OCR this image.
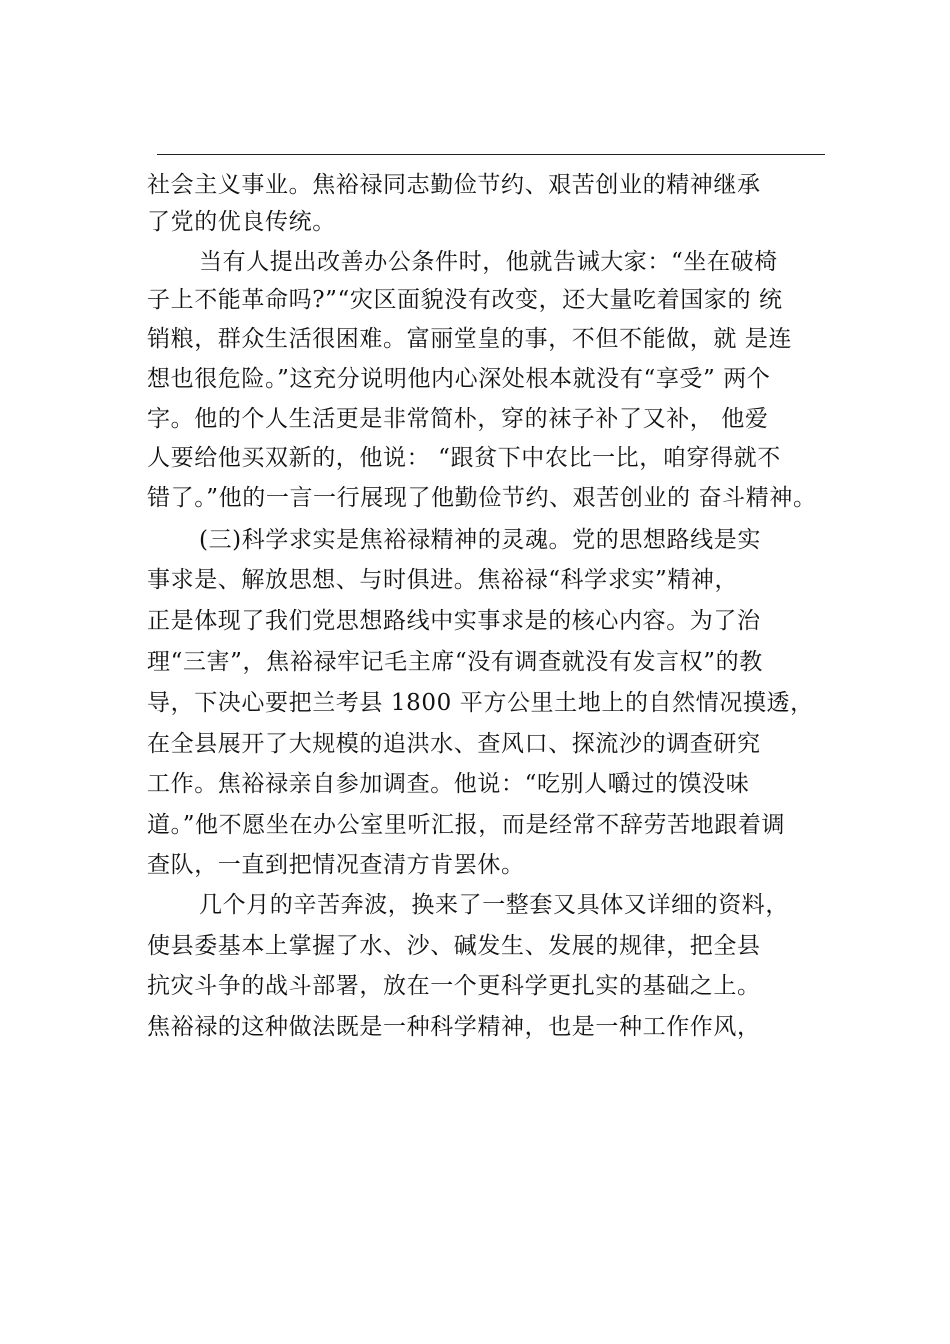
社会主义事业。焦裕禄同志勤俭节约、艰苦创业的精神继承
了党的优良传统。
当有人提出改善办公条件时，他就告诫大家：“坐在破椅
子上不能革命吗?”“灾区面貌没有改变，还大量吃着国家的 统
销粮，群众生活很困难。富丽堂皇的事，不但不能做，就 是连
想也很危险。”这充分说明他内心深处根本就没有“享受” 两个
字。他的个人生活更是非常简朴，穿的袜子补了又补， 他爱
人要给他买双新的，他说： “跟贫下中农比一比，咱穿得就不
错了。”他的一言一行展现了他勤俭节约、艰苦创业的 奋斗精神。
(三)科学求实是焦裕禄精神的灵魂。党的思想路线是实
事求是、解放思想、与时俱进。焦裕禄“科学求实”精神，
正是体现了我们党思想路线中实事求是的核心内容。为了治
理“三害”，焦裕禄牢记毛主席“没有调查就没有发言权”的教
导，下决心要把兰考县 1800 平方公里土地上的自然情况摸透，
在全县展开了大规模的追洪水、查风口、探流沙的调查研究
工作。焦裕禄亲自参加调查。他说：“吃别人嚼过的馍没味
道。”他不愿坐在办公室里听汇报，而是经常不辞劳苦地跟着调
查队，一直到把情况查清方肯罢休。
几个月的辛苦奔波，换来了一整套又具体又详细的资料，
使县委基本上掌握了水、沙、碱发生、发展的规律，把全县
抗灾斗争的战斗部署，放在一个更科学更扎实的基础之上。
焦裕禄的这种做法既是一种科学精神，也是一种工作作风，
